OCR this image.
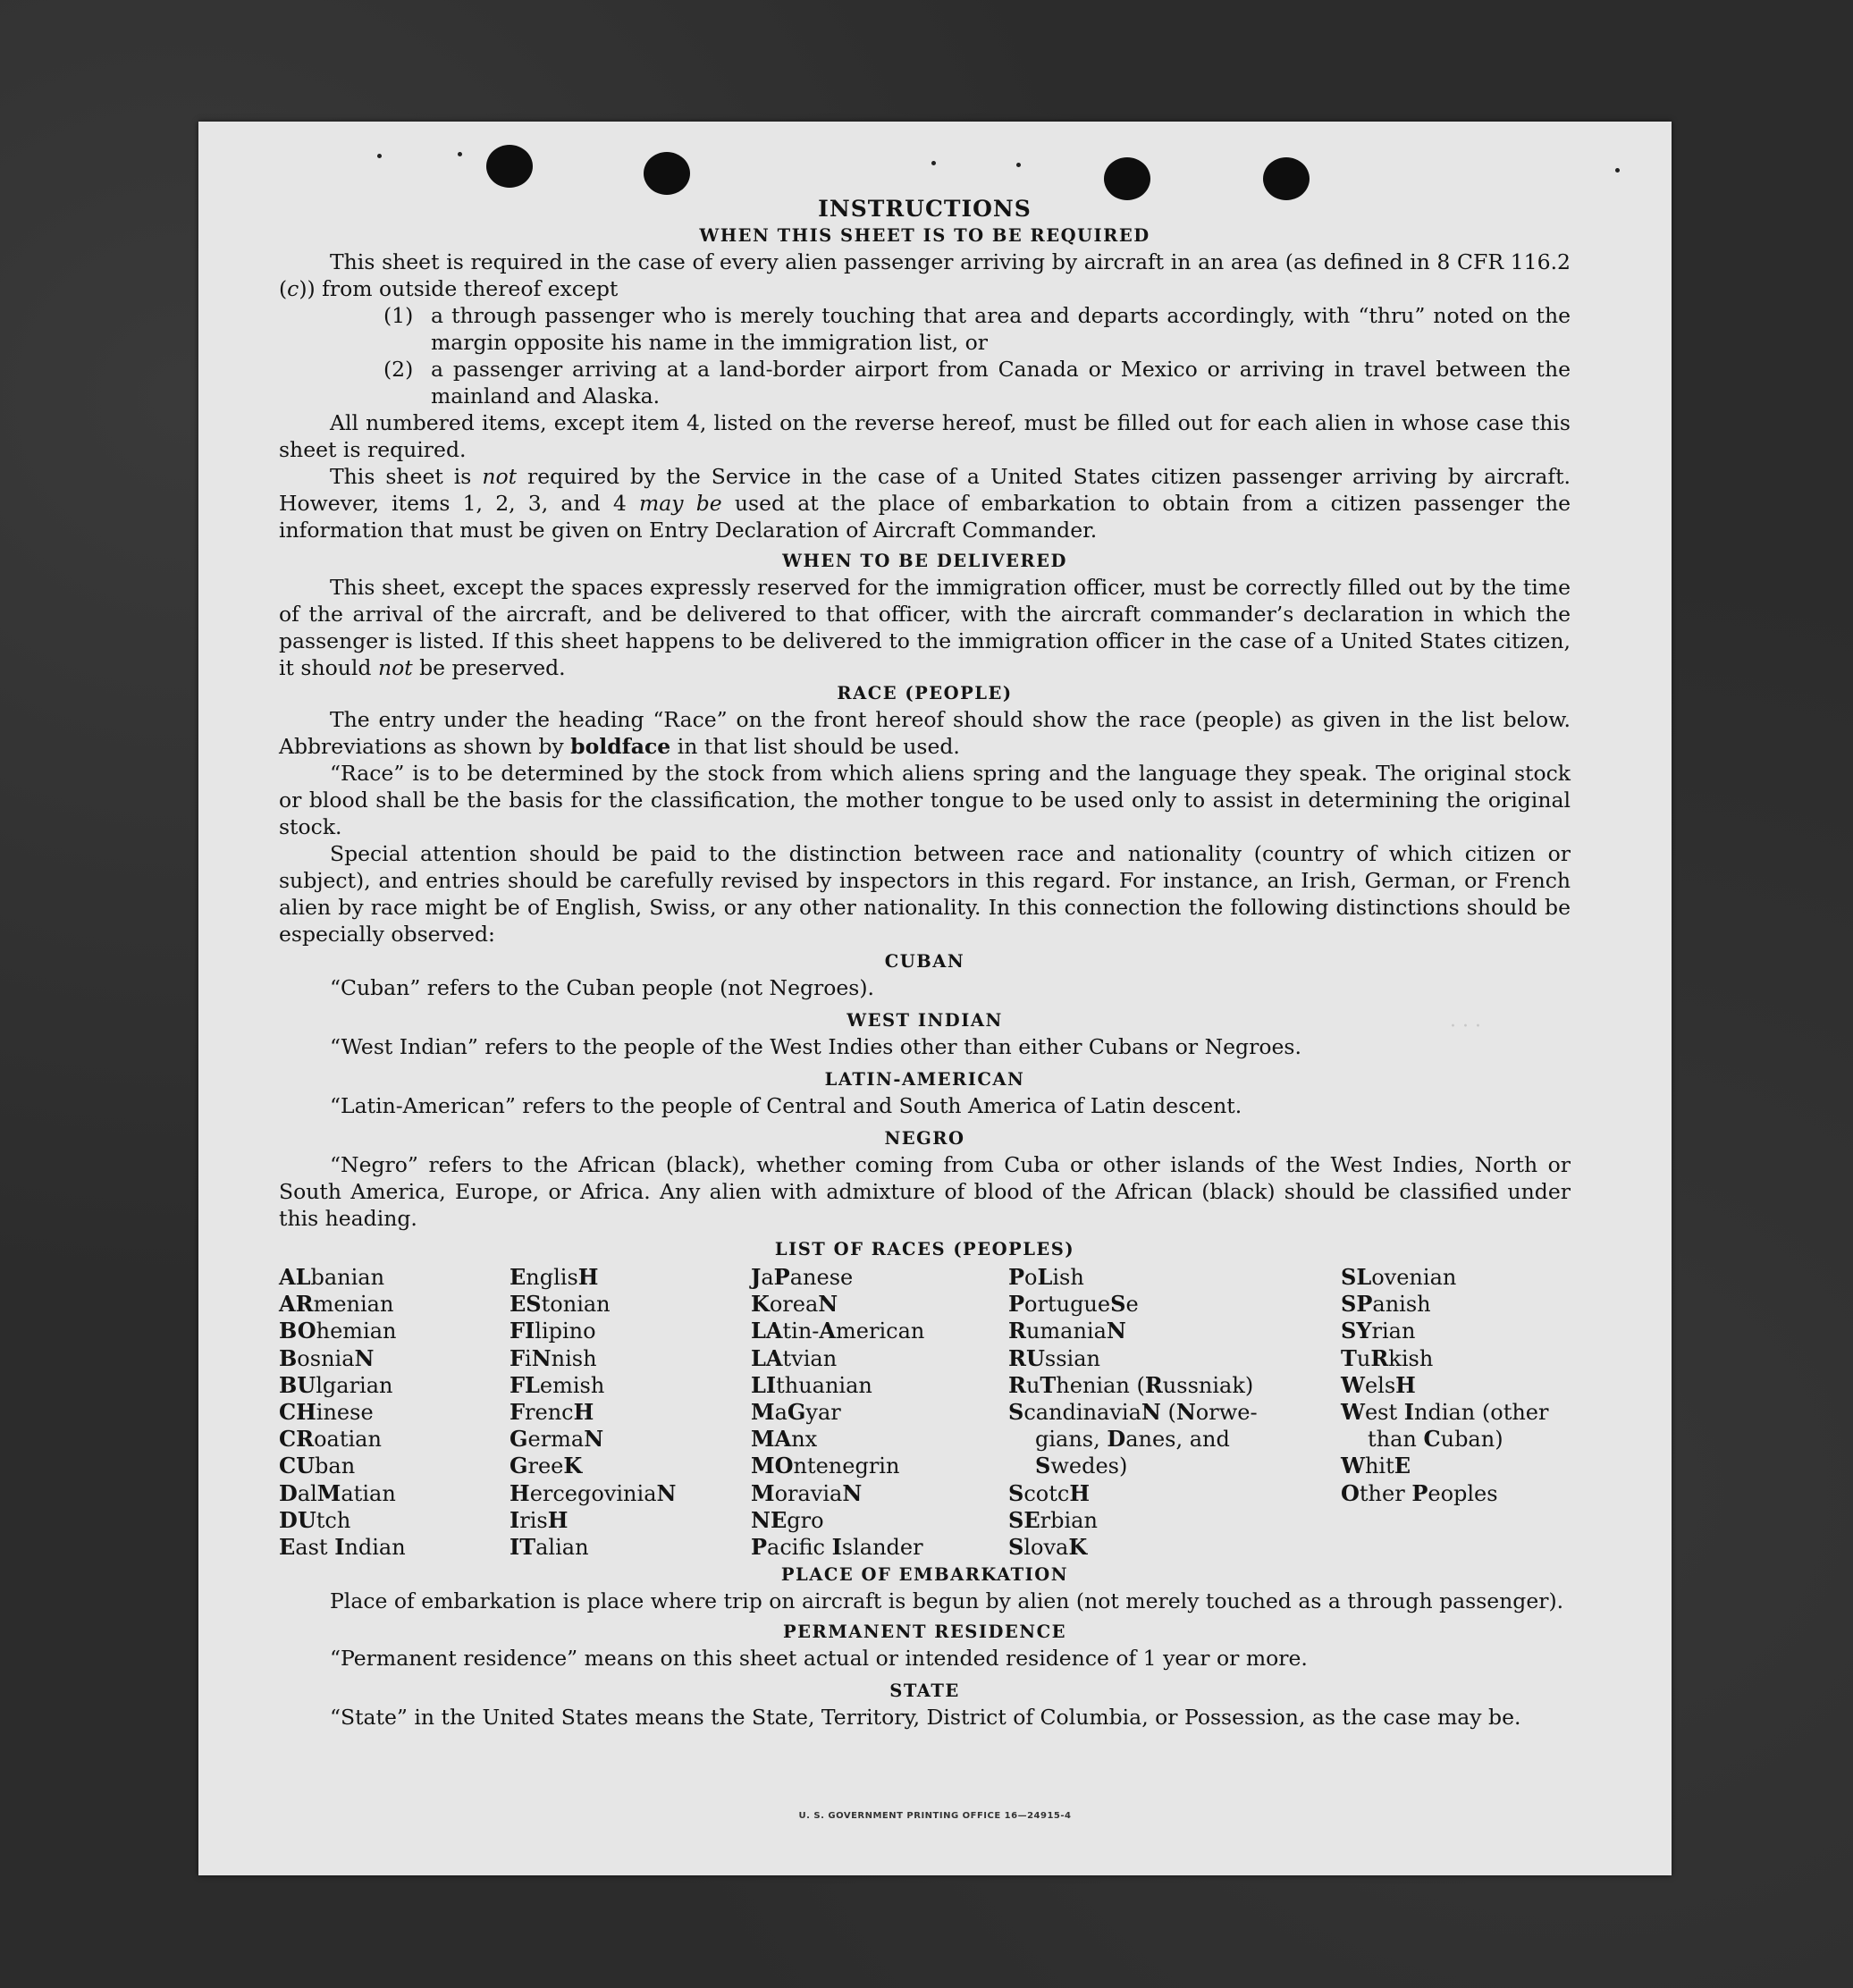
· · ·
INSTRUCTIONS
WHEN THIS SHEET IS TO BE REQUIRED

This sheet is required in the case of every alien passenger arriving by aircraft in an area (as defined in 8 CFR 116.2 (c)) from outside thereof except

(1) a through passenger who is merely touching that area and departs accordingly, with “thru” noted on the margin opposite his name in the immigration list, or
(2) a passenger arriving at a land-border airport from Canada or Mexico or arriving in travel between the mainland and Alaska.

All numbered items, except item 4, listed on the reverse hereof, must be filled out for each alien in whose case this sheet is required.

This sheet is not required by the Service in the case of a United States citizen passenger arriving by aircraft. However, items 1, 2, 3, and 4 may be used at the place of embarkation to obtain from a citizen passenger the information that must be given on Entry Declaration of Aircraft Commander.

WHEN TO BE DELIVERED

This sheet, except the spaces expressly reserved for the immigration officer, must be correctly filled out by the time of the arrival of the aircraft, and be delivered to that officer, with the aircraft commander’s declaration in which the passenger is listed. If this sheet happens to be delivered to the immigration officer in the case of a United States citizen, it should not be preserved.

RACE (PEOPLE)

The entry under the heading “Race” on the front hereof should show the race (people) as given in the list below. Abbreviations as shown by boldface in that list should be used.

“Race” is to be determined by the stock from which aliens spring and the language they speak. The original stock or blood shall be the basis for the classification, the mother tongue to be used only to assist in determining the original stock.

Special attention should be paid to the distinction between race and nationality (country of which citizen or subject), and entries should be carefully revised by inspectors in this regard. For instance, an Irish, German, or French alien by race might be of English, Swiss, or any other nationality. In this connection the following distinctions should be especially observed:

CUBAN

“Cuban” refers to the Cuban people (not Negroes).

WEST INDIAN

“West Indian” refers to the people of the West Indies other than either Cubans or Negroes.

LATIN-AMERICAN

“Latin-American” refers to the people of Central and South America of Latin descent.

NEGRO

“Negro” refers to the African (black), whether coming from Cuba or other islands of the West Indies, North or South America, Europe, or Africa. Any alien with admixture of blood of the African (black) should be classified under this heading.

LIST OF RACES (PEOPLES)
ALbanian
ARmenian
BOhemian
BosniaN
BUlgarian
CHinese
CRoatian
CUban
DalMatian
DUtch
East Indian
EnglisH
EStonian
FIlipino
FiNnish
FLemish
FrencH
GermaN
GreeK
HercegoviniaN
IrisH
ITalian
JaPanese
KoreaN
LAtin-American
LAtvian
LIthuanian
MaGyar
MAnx
MOntenegrin
MoraviaN
NEgro
Pacific Islander
PoLish
PortugueSe
RumaniaN
RUssian
RuThenian (Russniak)
ScandinaviaN (Norwe-
gians, Danes, and
Swedes)
ScotcH
SErbian
SlovaK
SLovenian
SPanish
SYrian
TuRkish
WelsH
West Indian (other
than Cuban)
WhitE
Other Peoples
PLACE OF EMBARKATION

Place of embarkation is place where trip on aircraft is begun by alien (not merely touched as a through passenger).

PERMANENT RESIDENCE

“Permanent residence” means on this sheet actual or intended residence of 1 year or more.

STATE

“State” in the United States means the State, Territory, District of Columbia, or Possession, as the case may be.

U. S. GOVERNMENT PRINTING OFFICE 16—24915-4
